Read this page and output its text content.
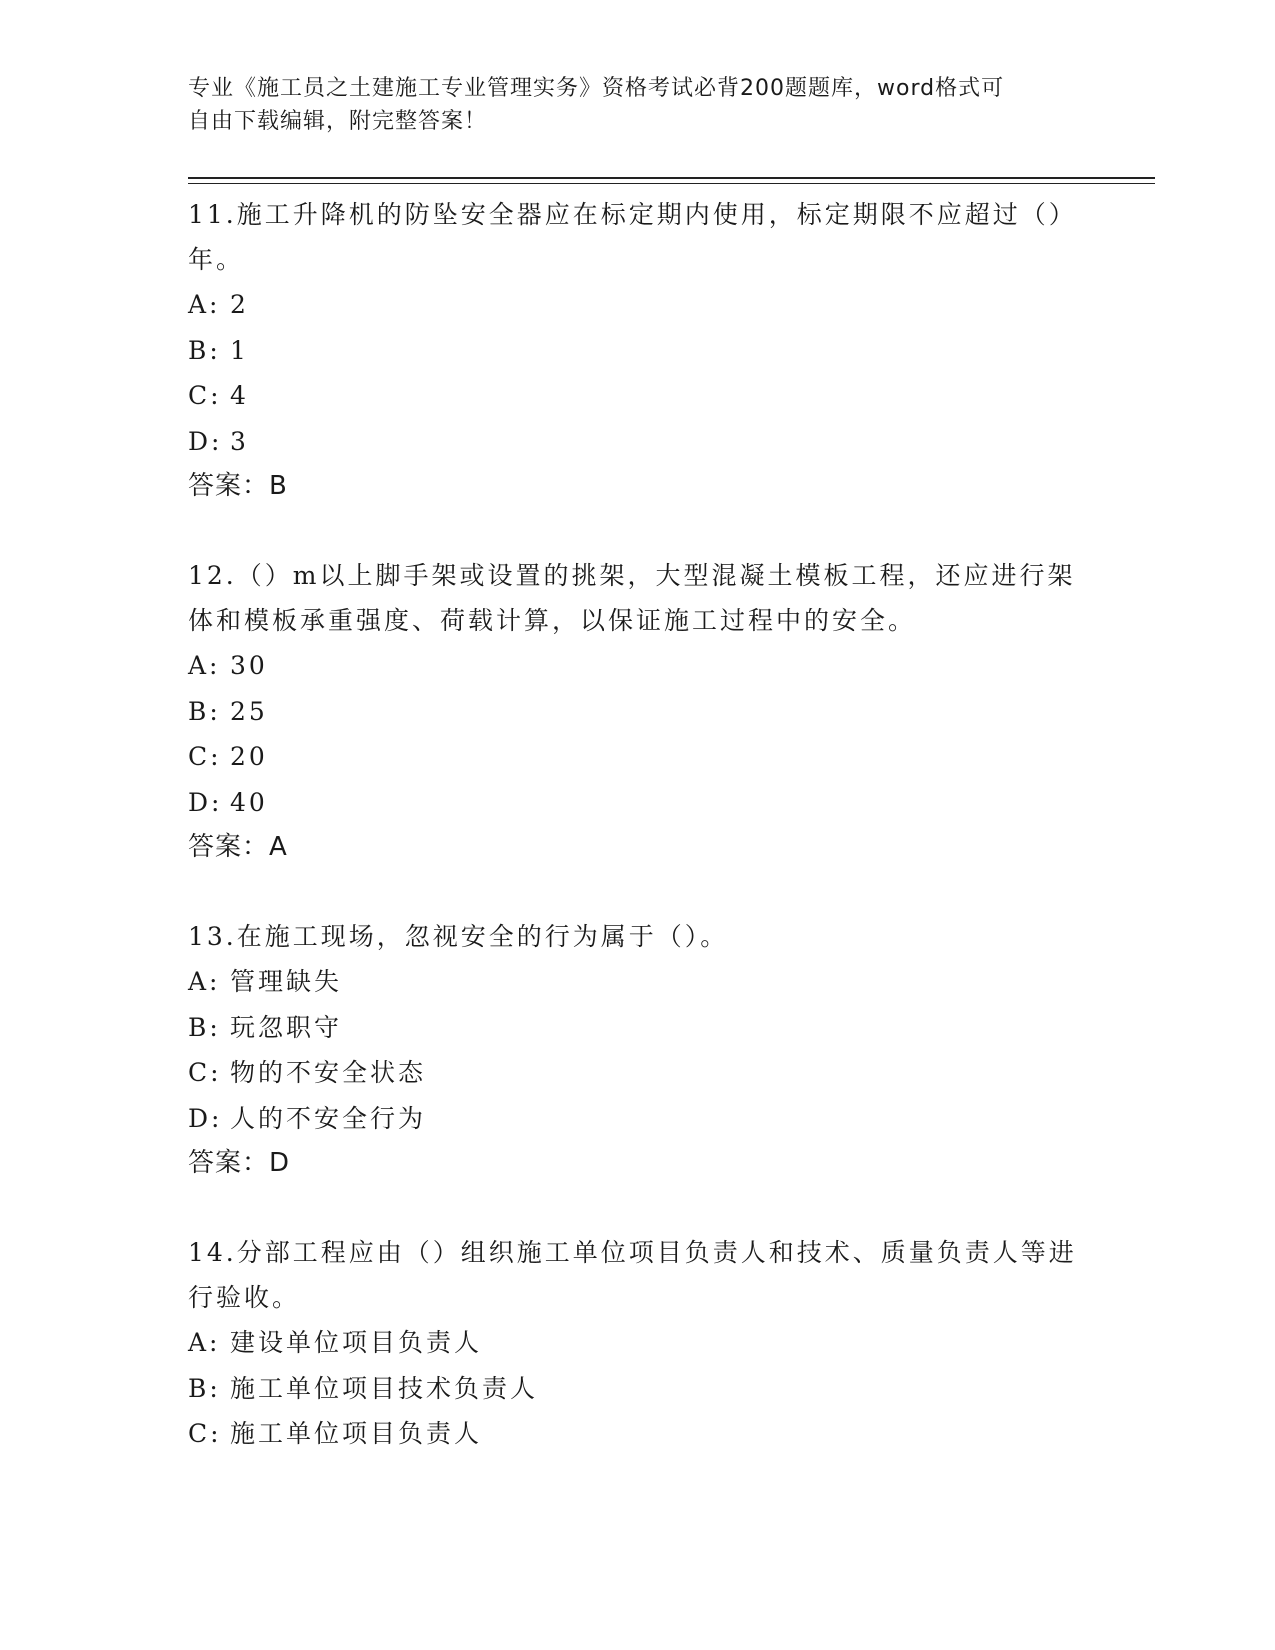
专业《施工员之土建施工专业管理实务》资格考试必背200题题库，word格式可
自由下载编辑，附完整答案！
11.施工升降机的防坠安全器应在标定期内使用，标定期限不应超过（）年。
A: 2
B: 1
C: 4
D: 3
答案：B
12.（）m以上脚手架或设置的挑架，大型混凝土模板工程，还应进行架体和模板承重强度、荷载计算，以保证施工过程中的安全。
A: 30
B: 25
C: 20
D: 40
答案：A
13.在施工现场，忽视安全的行为属于（）。
A: 管理缺失
B: 玩忽职守
C: 物的不安全状态
D: 人的不安全行为
答案：D
14.分部工程应由（）组织施工单位项目负责人和技术、质量负责人等进行验收。
A: 建设单位项目负责人
B: 施工单位项目技术负责人
C: 施工单位项目负责人
